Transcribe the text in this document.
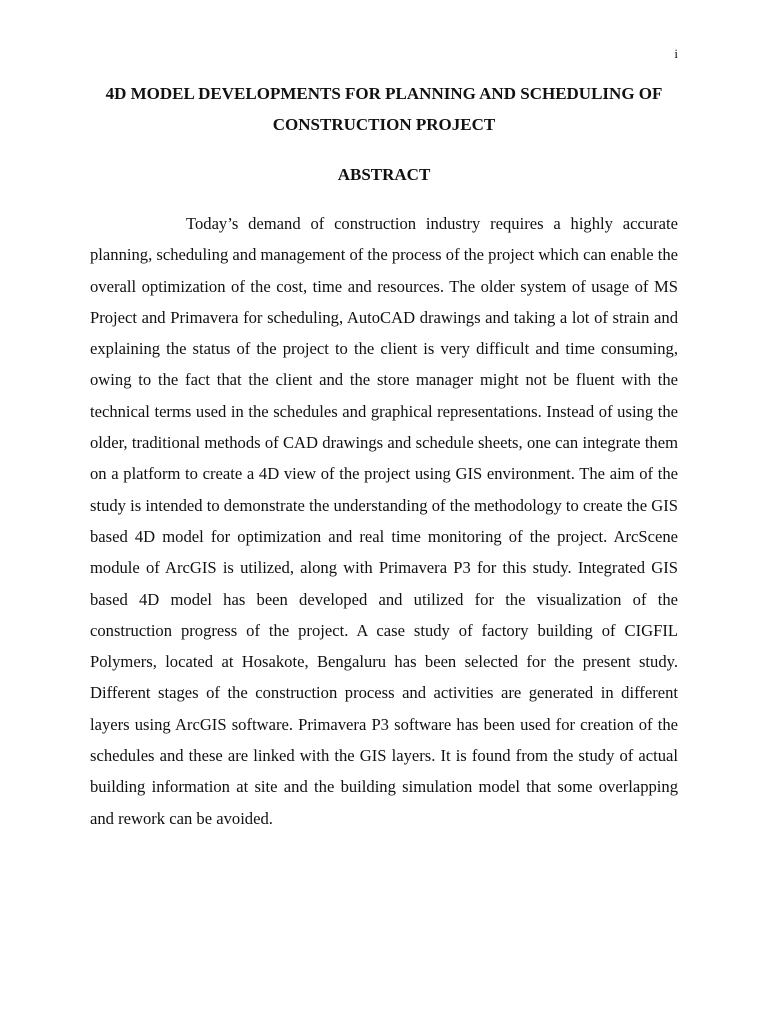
i
4D MODEL DEVELOPMENTS FOR PLANNING AND SCHEDULING OF
CONSTRUCTION PROJECT
ABSTRACT

Today’s demand of construction industry requires a highly accurate planning, scheduling and management of the process of the project which can enable the overall optimization of the cost, time and resources. The older system of usage of MS Project and Primavera for scheduling, AutoCAD drawings and taking a lot of strain and explaining the status of the project to the client is very difficult and time consuming, owing to the fact that the client and the store manager might not be fluent with the technical terms used in the schedules and graphical representations. Instead of using the older, traditional methods of CAD drawings and schedule sheets, one can integrate them on a platform to create a 4D view of the project using GIS environment. The aim of the study is intended to demonstrate the understanding of the methodology to create the GIS based 4D model for optimization and real time monitoring of the project. ArcScene module of ArcGIS is utilized, along with Primavera P3 for this study. Integrated GIS based 4D model has been developed and utilized for the visualization of the construction progress of the project. A case study of factory building of CIGFIL Polymers, located at Hosakote, Bengaluru has been selected for the present study. Different stages of the construction process and activities are generated in different layers using ArcGIS software. Primavera P3 software has been used for creation of the schedules and these are linked with the GIS layers. It is found from the study of actual building information at site and the building simulation model that some overlapping and rework can be avoided.
